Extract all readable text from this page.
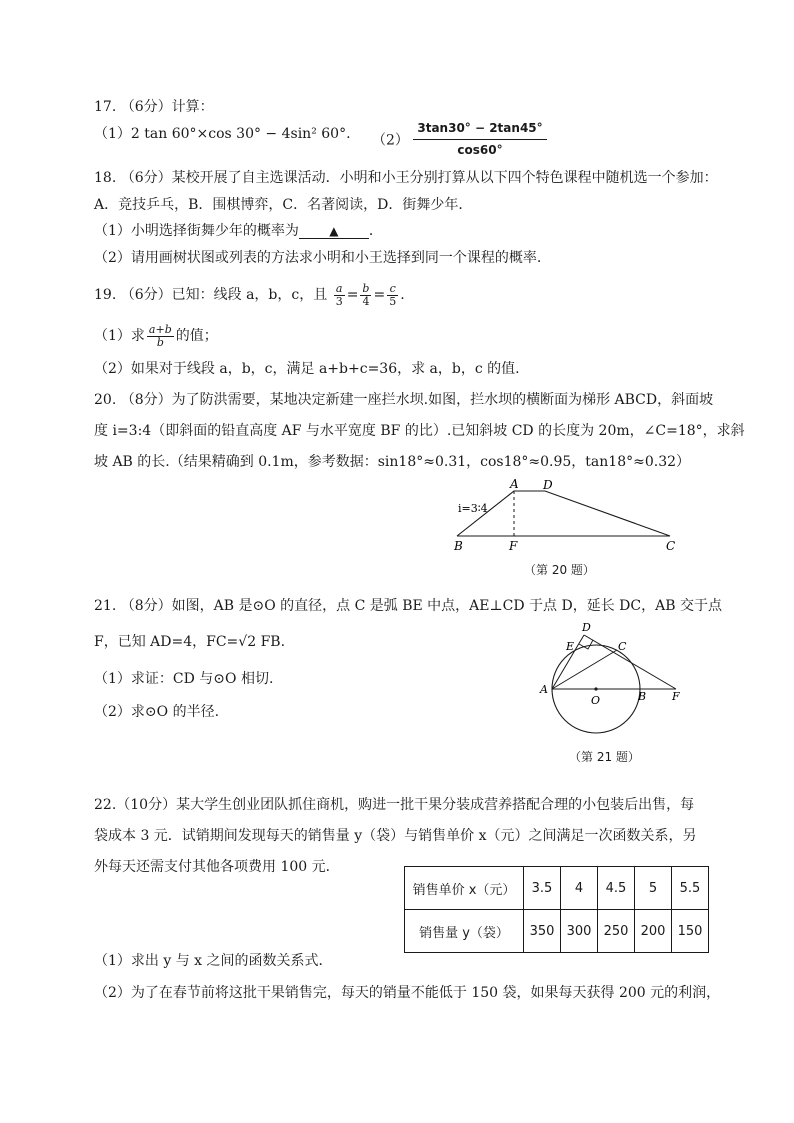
17. （6分）计算：
（1）2 tan 60°×cos 30° − 4sin² 60°. $(2) \frac{3\tan 30^\circ - 2\tan 45^\circ}{\cos 60^\circ}$
18. （6分）某校开展了自主选课活动．小明和小王分别打算从以下四个特色课程中随机选一个参加：
A．竞技乒乓，B．围棋博弈，C．名著阅读，D．街舞少年．
（1）小明选择街舞少年的概率为	▲ ．
（2）请用画树状图或列表的方法求小明和小王选择到同一个课程的概率.
19. （6分）已知：线段 a，b，c，且 $\frac{a}{3} = \frac{b}{4} = \frac{c}{5}$ .
（1）求 $\frac{a+b}{b}$ 的值；
（2）如果对于线段 a，b，c，满足 a+b+c=36，求 a，b，c 的值.
20. （8分）为了防洪需要，某地决定新建一座拦水坝.如图，拦水坝的横断面为梯形 ABCD，斜面坡
度 i=3:4（即斜面的铅直高度 AF 与水平宽度 BF 的比）.已知斜坡 CD 的长度为 20m，∠C=18°，求斜
坡 AB 的长.（结果精确到 0.1m，参考数据：sin18°≈0.31，cos18°≈0.95，tan18°≈0.32）
i=3∶4
A D
B	F	C
（第 20 题）
21. （8分）如图，AB 是⊙O 的直径，点 C 是弧 BE 中点，AE⊥CD 于点 D，延长 DC，AB 交于点
F，已知 AD=4，FC=√2 FB.
（1）求证：CD 与⊙O 相切.
（2）求⊙O 的半径.
D
E	C
A
O	B F
（第 21 题）
22.（10分）某大学生创业团队抓住商机，购进一批干果分装成营养搭配合理的小包装后出售，每
袋成本 3 元．试销期间发现每天的销售量 y（袋）与销售单价 x（元）之间满足一次函数关系，另
外每天还需支付其他各项费用 100 元．
销售单价 x（元）	3.5	4	4.5	5	5.5
销售量 y（袋）	350	300	250	200	150
（1）求出 y 与 x 之间的函数关系式．
（2）为了在春节前将这批干果销售完，每天的销量不能低于 150 袋，如果每天获得 200 元的利润，
